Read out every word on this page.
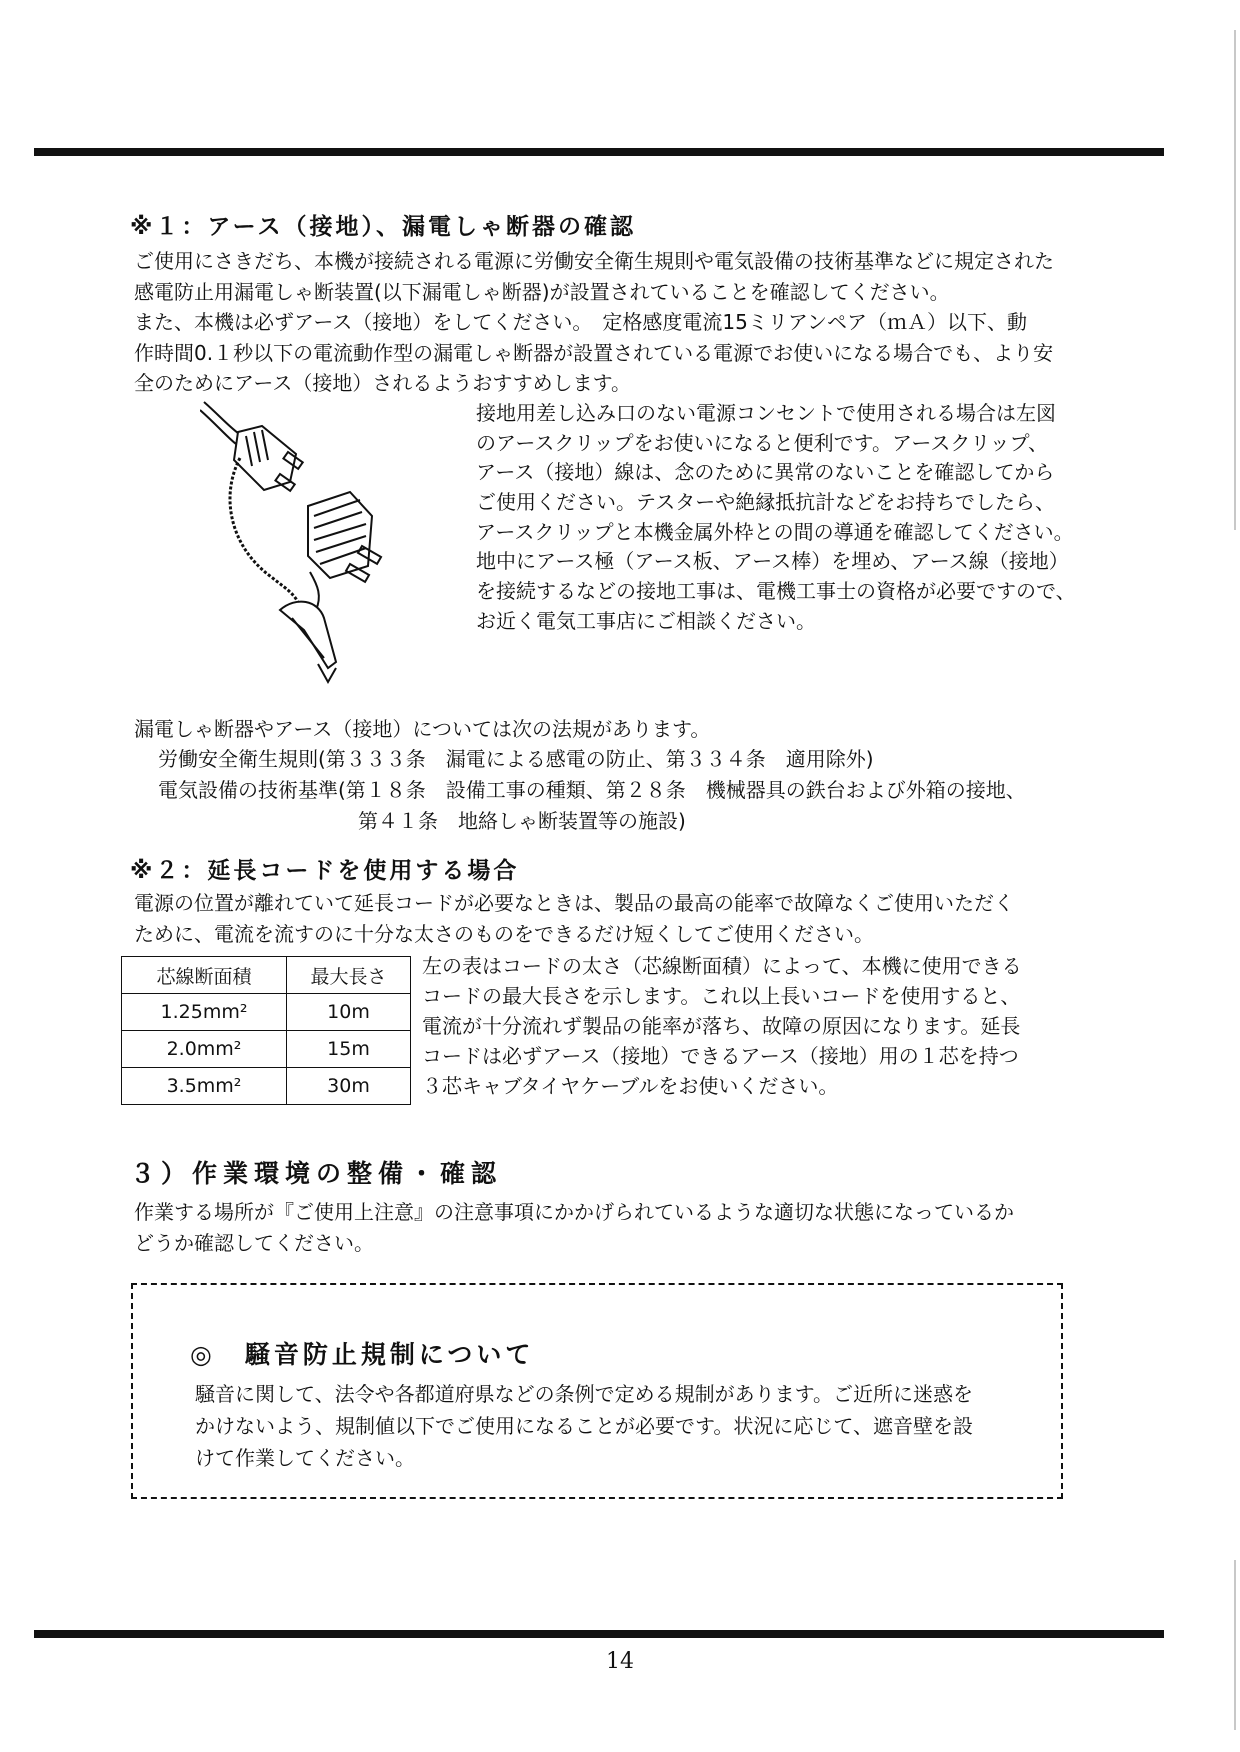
※１：アース（接地）、漏電しゃ断器の確認
ご使用にさきだち、本機が接続される電源に労働安全衛生規則や電気設備の技術基準などに規定された
感電防止用漏電しゃ断装置(以下漏電しゃ断器)が設置されていることを確認してください。
また、本機は必ずアース（接地）をしてください。　定格感度電流15ミリアンペア（ｍＡ）以下、動
作時間0.１秒以下の電流動作型の漏電しゃ断器が設置されている電源でお使いになる場合でも、より安
全のためにアース（接地）されるようおすすめします。
接地用差し込み口のない電源コンセントで使用される場合は左図
のアースクリップをお使いになると便利です。アースクリップ、
アース（接地）線は、念のために異常のないことを確認してから
ご使用ください。テスターや絶縁抵抗計などをお持ちでしたら、
アースクリップと本機金属外枠との間の導通を確認してください。
地中にアース極（アース板、アース棒）を埋め、アース線（接地）
を接続するなどの接地工事は、電機工事士の資格が必要ですので、
お近く電気工事店にご相談ください。
漏電しゃ断器やアース（接地）については次の法規があります。
労働安全衛生規則(第３３３条　漏電による感電の防止、第３３４条　適用除外)
電気設備の技術基準(第１８条　設備工事の種類、第２８条　機械器具の鉄台および外箱の接地、
第４１条　地絡しゃ断装置等の施設)
※２：延長コードを使用する場合
電源の位置が離れていて延長コードが必要なときは、製品の最高の能率で故障なくご使用いただく
ために、電流を流すのに十分な太さのものをできるだけ短くしてご使用ください。
芯線断面積	最大長さ
1.25mm²	10m
2.0mm²	15m
3.5mm²	30m
左の表はコードの太さ（芯線断面積）によって、本機に使用できる
コードの最大長さを示します。これ以上長いコードを使用すると、
電流が十分流れず製品の能率が落ち、故障の原因になります。延長
コードは必ずアース（接地）できるアース（接地）用の１芯を持つ
３芯キャブタイヤケーブルをお使いください。
３）作業環境の整備・確認
作業する場所が『ご使用上注意』の注意事項にかかげられているような適切な状態になっているか
どうか確認してください。
◎　騒音防止規制について
騒音に関して、法令や各都道府県などの条例で定める規制があります。ご近所に迷惑を
かけないよう、規制値以下でご使用になることが必要です。状況に応じて、遮音壁を設
けて作業してください。
14
